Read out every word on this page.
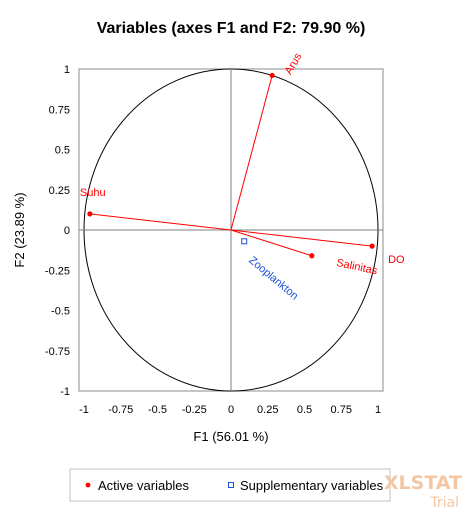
Variables (axes F1 and F2: 79.90 %)
-1 -0.75 -0.5 -0.25 0 0.25 0.5 0.75 1
1
0.75
0.5
0.25
0
-0.25
-0.5
-0.75
-1
Arus
Suhu
DO
Salinitas
Zooplankton
F1 (56.01 %)
F2 (23.89 %)
Active variables	Supplementary variables XLSTAT
Trial
